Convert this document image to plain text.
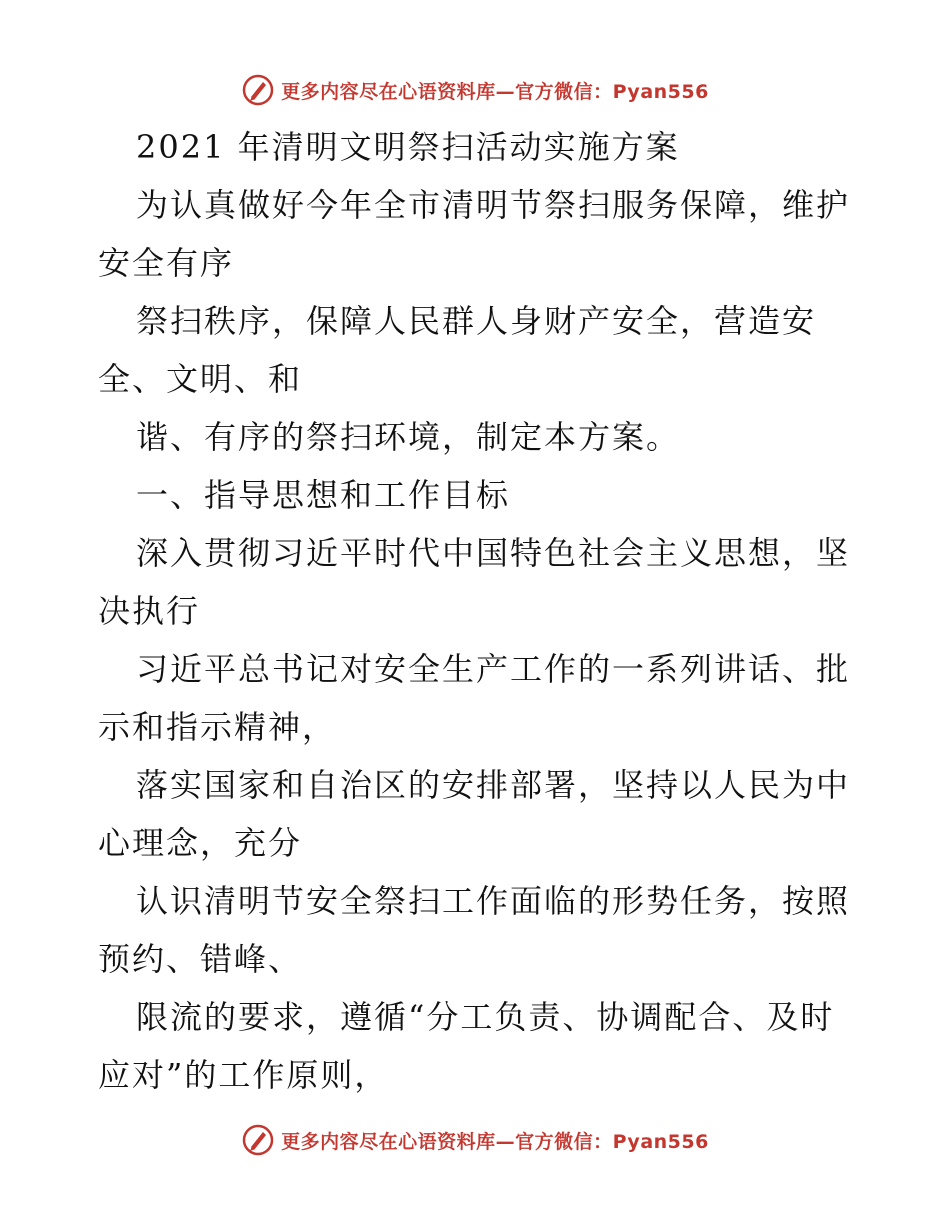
更多内容尽在心语资料库—官方微信：Pyan556
2021 年清明文明祭扫活动实施方案
为认真做好今年全市清明节祭扫服务保障，维护
安全有序
祭扫秩序，保障人民群人身财产安全，营造安
全、文明、和
谐、有序的祭扫环境，制定本方案。
一、指导思想和工作目标
深入贯彻习近平时代中国特色社会主义思想，坚
决执行
习近平总书记对安全生产工作的一系列讲话、批
示和指示精神，
落实国家和自治区的安排部署，坚持以人民为中
心理念，充分
认识清明节安全祭扫工作面临的形势任务，按照
预约、错峰、
限流的要求，遵循“分工负责、协调配合、及时
应对”的工作原则，
更多内容尽在心语资料库—官方微信：Pyan556
